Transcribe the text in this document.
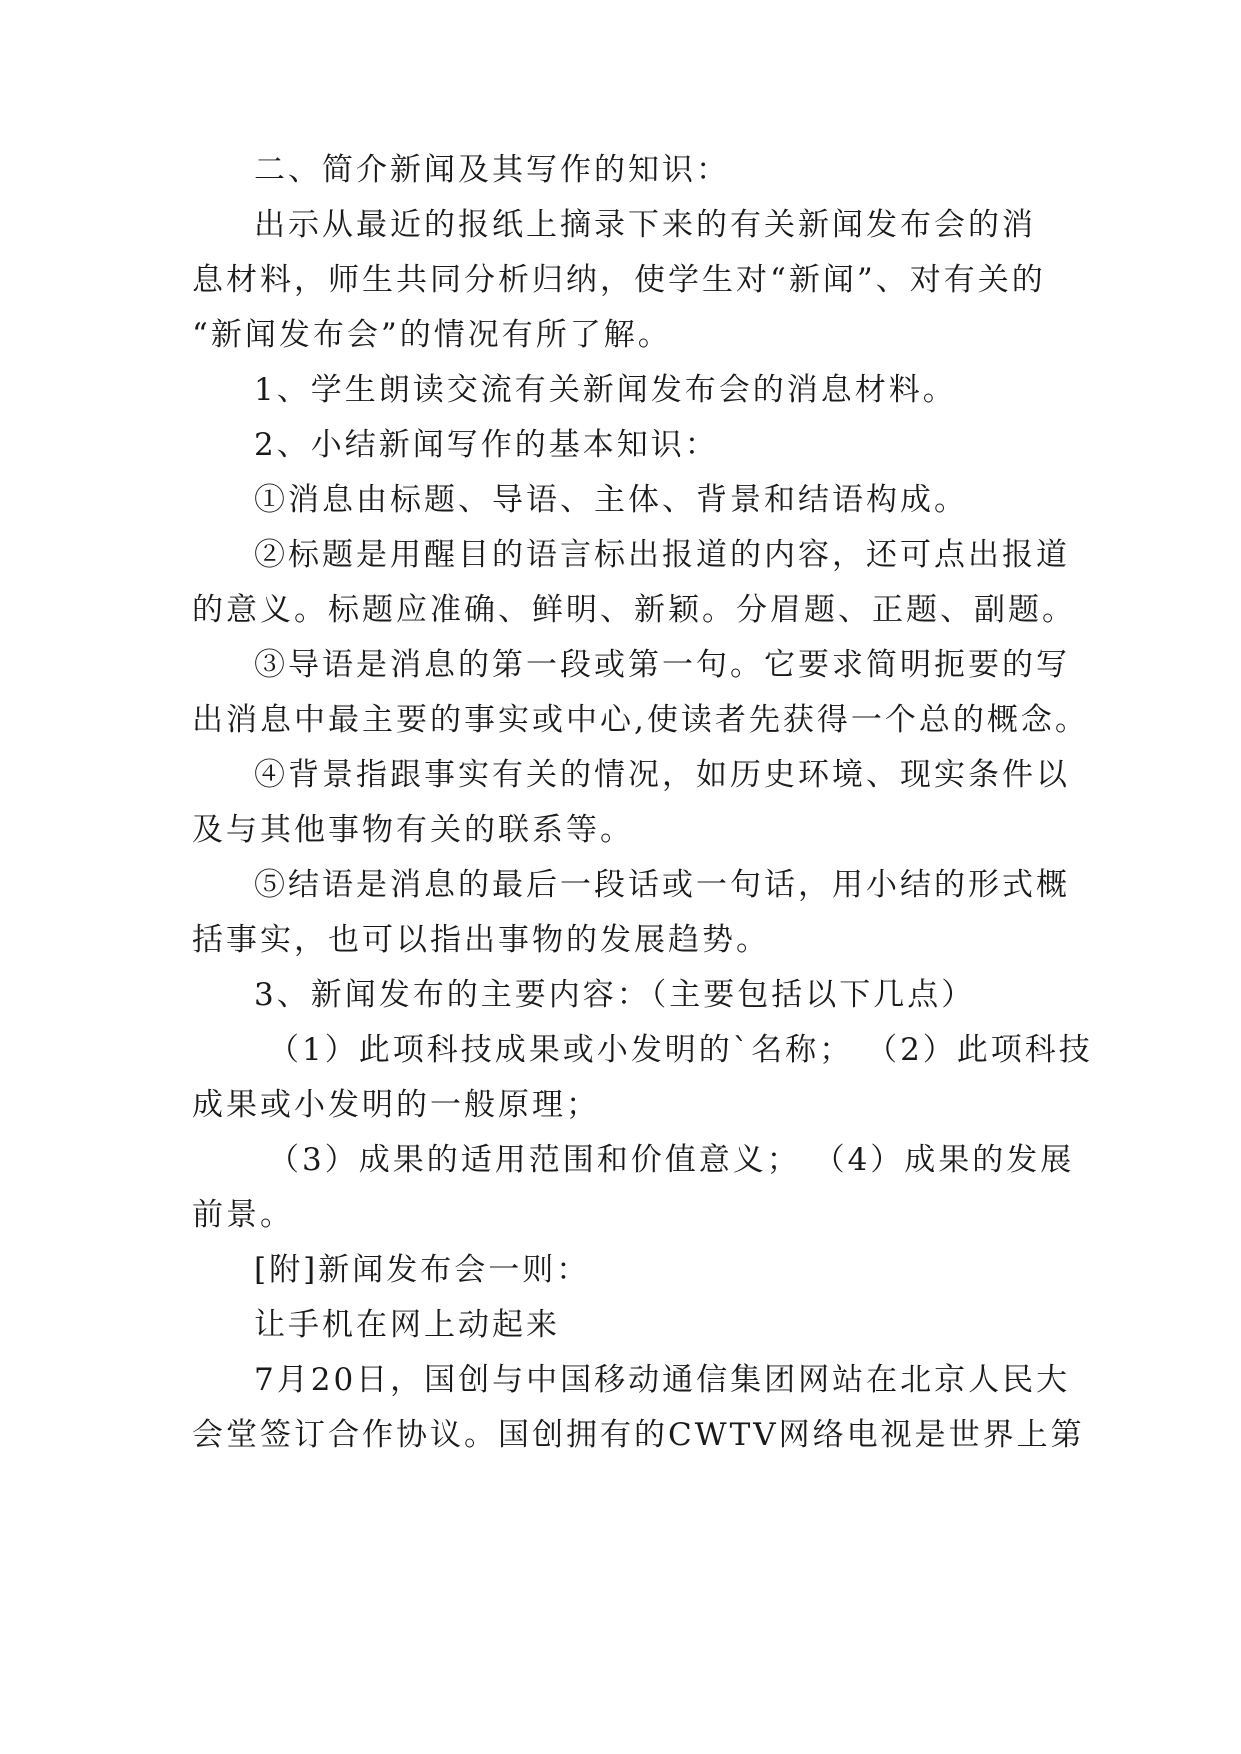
二、简介新闻及其写作的知识：
出示从最近的报纸上摘录下来的有关新闻发布会的消
息材料，师生共同分析归纳，使学生对“新闻”、对有关的
“新闻发布会”的情况有所了解。
1、学生朗读交流有关新闻发布会的消息材料。
2、小结新闻写作的基本知识：
①消息由标题、导语、主体、背景和结语构成。
②标题是用醒目的语言标出报道的内容，还可点出报道
的意义。标题应准确、鲜明、新颖。分眉题、正题、副题。
③导语是消息的第一段或第一句。它要求简明扼要的写
出消息中最主要的事实或中心,使读者先获得一个总的概念。
④背景指跟事实有关的情况，如历史环境、现实条件以
及与其他事物有关的联系等。
⑤结语是消息的最后一段话或一句话，用小结的形式概
括事实，也可以指出事物的发展趋势。
3、新闻发布的主要内容：（主要包括以下几点）
（1）此项科技成果或小发明的`名称； （2）此项科技
成果或小发明的一般原理；
（3）成果的适用范围和价值意义； （4）成果的发展
前景。
[附]新闻发布会一则：
让手机在网上动起来
7月20日，国创与中国移动通信集团网站在北京人民大
会堂签订合作协议。国创拥有的CWTV网络电视是世界上第
